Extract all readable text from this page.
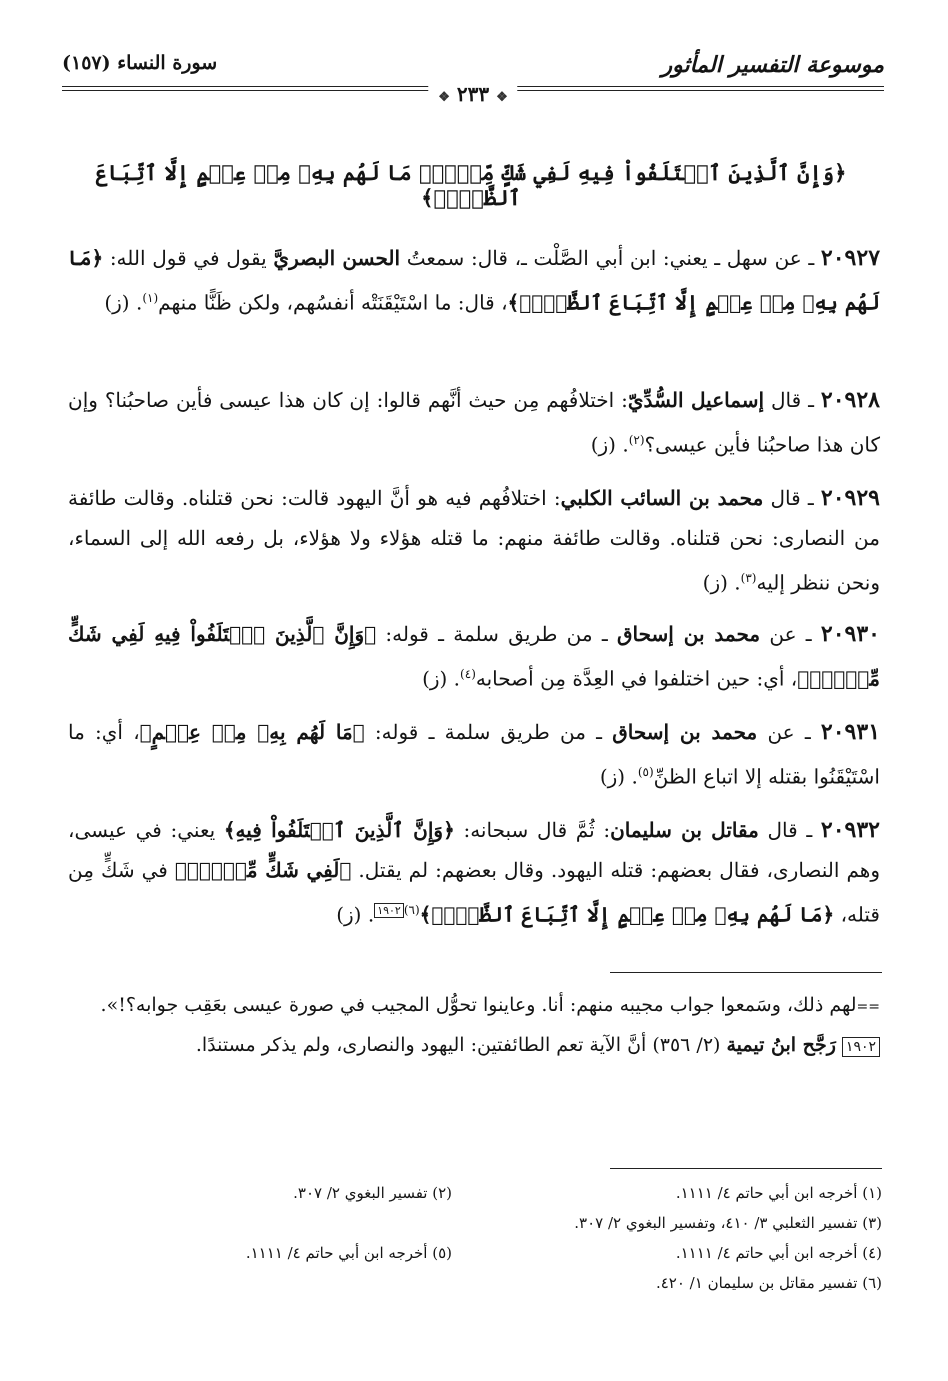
موسوعة التفسير المأثور
سورة النساء (١٥٧)
❖ ٢٣٣ ❖
﴿وَإِنَّ ٱلَّذِينَ ٱخۡتَلَفُواْ فِيهِ لَفِي شَكٍّ مِّنۡهُۚ مَا لَهُم بِهِۦ مِنۡ عِلۡمٍ إِلَّا ٱتِّبَاعَ ٱلظَّنِّۚ﴾
٢٠٩٢٧ ـ عن سهل ـ يعني: ابن أبي الصَّلْت ـ، قال: سمعتُ الحسن البصريَّ يقول في قول الله: ﴿مَا لَهُم بِهِۦ مِنۡ عِلۡمٍ إِلَّا ٱتِّبَاعَ ٱلظَّنِّۚ﴾، قال: ما اسْتَيْقَنَتْه أنفسُهم، ولكن ظَنًّا منهم$^{(١)}$. (ز)
٢٠٩٢٨ ـ قال إسماعيل السُّدِّيّ: اختلافُهم مِن حيث أنَّهم قالوا: إن كان هذا عيسى فأين صاحبُنا؟ وإن كان هذا صاحبُنا فأين عيسى؟$^{(٢)}$. (ز)
٢٠٩٢٩ ـ قال محمد بن السائب الكلبي: اختلافُهم فيه هو أنَّ اليهود قالت: نحن قتلناه. وقالت طائفة من النصارى: نحن قتلناه. وقالت طائفة منهم: ما قتله هؤلاء ولا هؤلاء، بل رفعه الله إلى السماء، ونحن ننظر إليه$^{(٣)}$. (ز)
٢٠٩٣٠ ـ عن محمد بن إسحاق ـ من طريق سلمة ـ قوله: ﴿وَإِنَّ ٱلَّذِينَ ٱخۡتَلَفُواْ فِيهِ لَفِي شَكٍّ مِّنۡهُۚ﴾، أي: حين اختلفوا في العِدَّة مِن أصحابه$^{(٤)}$. (ز)
٢٠٩٣١ ـ عن محمد بن إسحاق ـ من طريق سلمة ـ قوله: ﴿مَا لَهُم بِهِۦ مِنۡ عِلۡمٍ﴾، أي: ما اسْتَيْقَنُوا بقتله إلا اتباع الظنِّ$^{(٥)}$. (ز)
٢٠٩٣٢ ـ قال مقاتل بن سليمان: ثُمَّ قال سبحانه: ﴿وَإِنَّ ٱلَّذِينَ ٱخۡتَلَفُواْ فِيهِ﴾ يعني: في عيسى، وهم النصارى، فقال بعضهم: قتله اليهود. وقال بعضهم: لم يقتل. ﴿لَفِي شَكٍّ مِّنۡهُۚ﴾ في شَكٍّ مِن قتله، ﴿مَا لَهُم بِهِۦ مِنۡ عِلۡمٍ إِلَّا ٱتِّبَاعَ ٱلظَّنِّۚ﴾$^{(٦)}$١٩٠٢. (ز)

==لهم ذلك، وسَمعوا جواب مجيبه منهم: أنا. وعاينوا تحوُّل المجيب في صورة عيسى بعَقِب جوابه؟!».

١٩٠٢ رَجَّح ابنُ تيمية (٢/ ٣٥٦) أنَّ الآية تعم الطائفتين: اليهود والنصارى، ولم يذكر مستندًا.

(١) أخرجه ابن أبي حاتم ٤/ ١١١١.
(٣) تفسير الثعلبي ٣/ ٤١٠، وتفسير البغوي ٢/ ٣٠٧.
(٤) أخرجه ابن أبي حاتم ٤/ ١١١١.
(٦) تفسير مقاتل بن سليمان ١/ ٤٢٠.
(٢) تفسير البغوي ٢/ ٣٠٧.
(٥) أخرجه ابن أبي حاتم ٤/ ١١١١.
